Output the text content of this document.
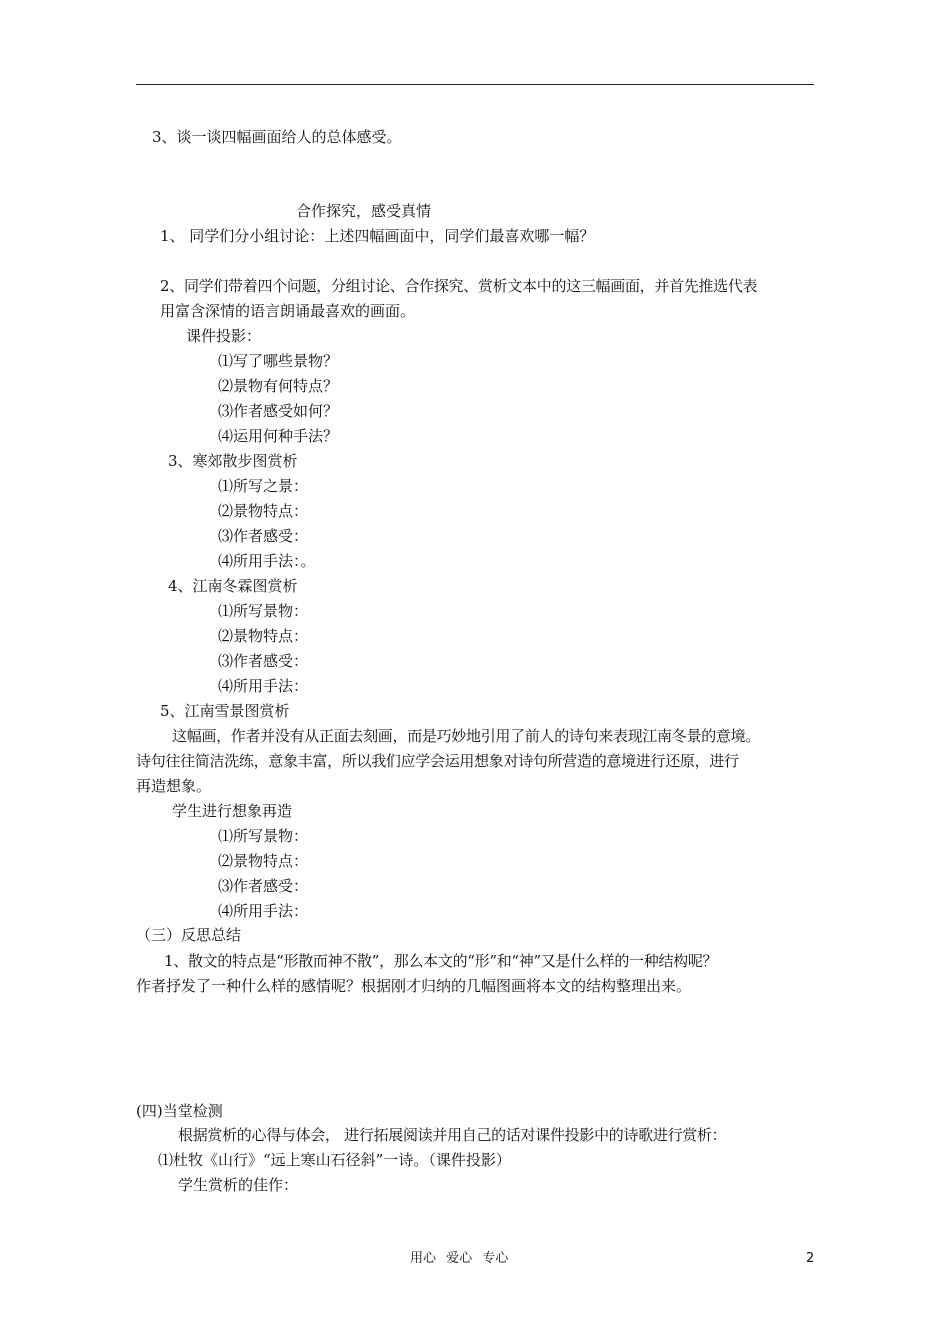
3、谈一谈四幅画面给人的总体感受。
合作探究，感受真情
1、 同学们分小组讨论：上述四幅画面中，同学们最喜欢哪一幅？
2、同学们带着四个问题，分组讨论、合作探究、赏析文本中的这三幅画面，并首先推选代表
用富含深情的语言朗诵最喜欢的画面。
课件投影：
⑴写了哪些景物？
⑵景物有何特点？
⑶作者感受如何？
⑷运用何种手法？
3、寒郊散步图赏析
⑴所写之景：
⑵景物特点：
⑶作者感受：
⑷所用手法：。
4、江南冬霖图赏析
⑴所写景物：
⑵景物特点：
⑶作者感受：
⑷所用手法：
5、江南雪景图赏析
这幅画，作者并没有从正面去刻画，而是巧妙地引用了前人的诗句来表现江南冬景的意境。
诗句往往简洁洗练，意象丰富，所以我们应学会运用想象对诗句所营造的意境进行还原，进行
再造想象。
学生进行想象再造
⑴所写景物：
⑵景物特点：
⑶作者感受：
⑷所用手法：
（三）反思总结
1、散文的特点是“形散而神不散”，那么本文的“形”和“神”又是什么样的一种结构呢？
作者抒发了一种什么样的感情呢？根据刚才归纳的几幅图画将本文的结构整理出来。
(四)当堂检测
根据赏析的心得与体会， 进行拓展阅读并用自己的话对课件投影中的诗歌进行赏析：
⑴杜牧《山行》“远上寒山石径斜”一诗。（课件投影）
学生赏析的佳作：
用心 爱心 专心	2
